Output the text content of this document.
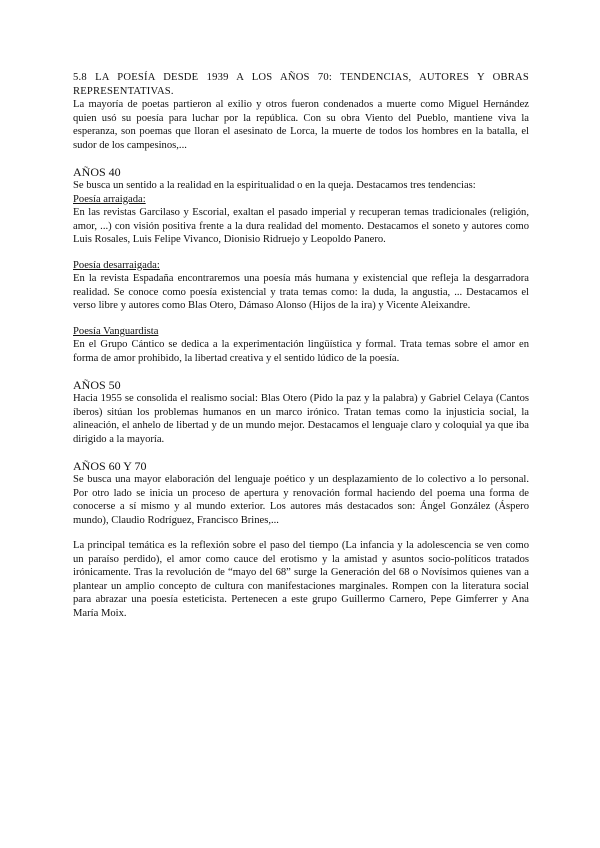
5.8 LA POESÍA DESDE 1939 A LOS AÑOS 70: TENDENCIAS, AUTORES Y OBRAS REPRESENTATIVAS.

La mayoría de poetas partieron al exilio y otros fueron condenados a muerte como Miguel Hernández quien usó su poesía para luchar por la república. Con su obra Viento del Pueblo, mantiene viva la esperanza, son poemas que lloran el asesinato de Lorca, la muerte de todos los hombres en la batalla, el sudor de los campesinos,...

AÑOS 40

Se busca un sentido a la realidad en la espiritualidad o en la queja. Destacamos tres tendencias:

Poesía arraigada:

En las revistas Garcilaso y Escorial, exaltan el pasado imperial y recuperan temas tradicionales (religión, amor, ...) con visión positiva frente a la dura realidad del momento. Destacamos el soneto y autores como Luis Rosales, Luis Felipe Vivanco, Dionisio Ridruejo y Leopoldo Panero.

Poesía desarraigada:

En la revista Espadaña encontraremos una poesía más humana y existencial que refleja la desgarradora realidad. Se conoce como poesía existencial y trata temas como: la duda, la angustia, ... Destacamos el verso libre y autores como Blas Otero, Dámaso Alonso (Hijos de la ira) y Vicente Aleixandre.

Poesía Vanguardista

En el Grupo Cántico se dedica a la experimentación lingüística y formal. Trata temas sobre el amor en forma de amor prohibido, la libertad creativa y el sentido lúdico de la poesía.

AÑOS 50

Hacia 1955 se consolida el realismo social: Blas Otero (Pido la paz y la palabra) y Gabriel Celaya (Cantos íberos) sitúan los problemas humanos en un marco irónico. Tratan temas como la injusticia social, la alineación, el anhelo de libertad y de un mundo mejor. Destacamos el lenguaje claro y coloquial ya que iba dirigido a la mayoría.

AÑOS 60 Y 70

Se busca una mayor elaboración del lenguaje poético y un desplazamiento de lo colectivo a lo personal. Por otro lado se inicia un proceso de apertura y renovación formal haciendo del poema una forma de conocerse a sí mismo y al mundo exterior. Los autores más destacados son: Ángel González (Áspero mundo), Claudio Rodríguez, Francisco Brines,...

La principal temática es la reflexión sobre el paso del tiempo (La infancia y la adolescencia se ven como un paraíso perdido), el amor como cauce del erotismo y la amistad y asuntos socio-políticos tratados irónicamente. Tras la revolución de “mayo del 68” surge la Generación del 68 o Novísimos quienes van a plantear un amplio concepto de cultura con manifestaciones marginales. Rompen con la literatura social para abrazar una poesía esteticista. Pertenecen a este grupo Guillermo Carnero, Pepe Gimferrer y Ana María Moix.
